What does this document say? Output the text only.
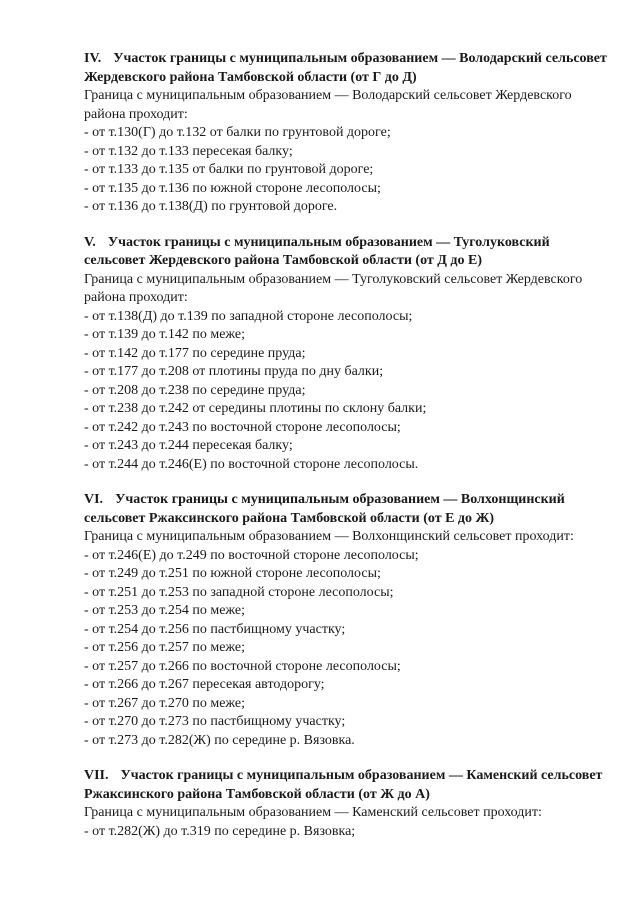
IV. Участок границы с муниципальным образованием — Володарский сельсовет Жердевского района Тамбовской области (от Г до Д)

Граница с муниципальным образованием — Володарский сельсовет Жердевского района проходит:

- от т.130(Г) до т.132 от балки по грунтовой дороге;
- от т.132 до т.133 пересекая балку;
- от т.133 до т.135 от балки по грунтовой дороге;
- от т.135 до т.136 по южной стороне лесополосы;
- от т.136 до т.138(Д) по грунтовой дороге.

V. Участок границы с муниципальным образованием — Туголуковский сельсовет Жердевского района Тамбовской области (от Д до Е)

Граница с муниципальным образованием — Туголуковский сельсовет Жердевского района проходит:

- от т.138(Д) до т.139 по западной стороне лесополосы;
- от т.139 до т.142 по меже;
- от т.142 до т.177 по середине пруда;
- от т.177 до т.208 от плотины пруда по дну балки;
- от т.208 до т.238 по середине пруда;
- от т.238 до т.242 от середины плотины по склону балки;
- от т.242 до т.243 по восточной стороне лесополосы;
- от т.243 до т.244 пересекая балку;
- от т.244 до т.246(Е) по восточной стороне лесополосы.

VI. Участок границы с муниципальным образованием — Волхонщинский сельсовет Ржаксинского района Тамбовской области (от Е до Ж)

Граница с муниципальным образованием — Волхонщинский сельсовет проходит:

- от т.246(Е) до т.249 по восточной стороне лесополосы;
- от т.249 до т.251 по южной стороне лесополосы;
- от т.251 до т.253 по западной стороне лесополосы;
- от т.253 до т.254 по меже;
- от т.254 до т.256 по пастбищному участку;
- от т.256 до т.257 по меже;
- от т.257 до т.266 по восточной стороне лесополосы;
- от т.266 до т.267 пересекая автодорогу;
- от т.267 до т.270 по меже;
- от т.270 до т.273 по пастбищному участку;
- от т.273 до т.282(Ж) по середине р. Вязовка.

VII. Участок границы с муниципальным образованием — Каменский сельсовет Ржаксинского района Тамбовской области (от Ж до А)

Граница с муниципальным образованием — Каменский сельсовет проходит:

- от т.282(Ж) до т.319 по середине р. Вязовка;
